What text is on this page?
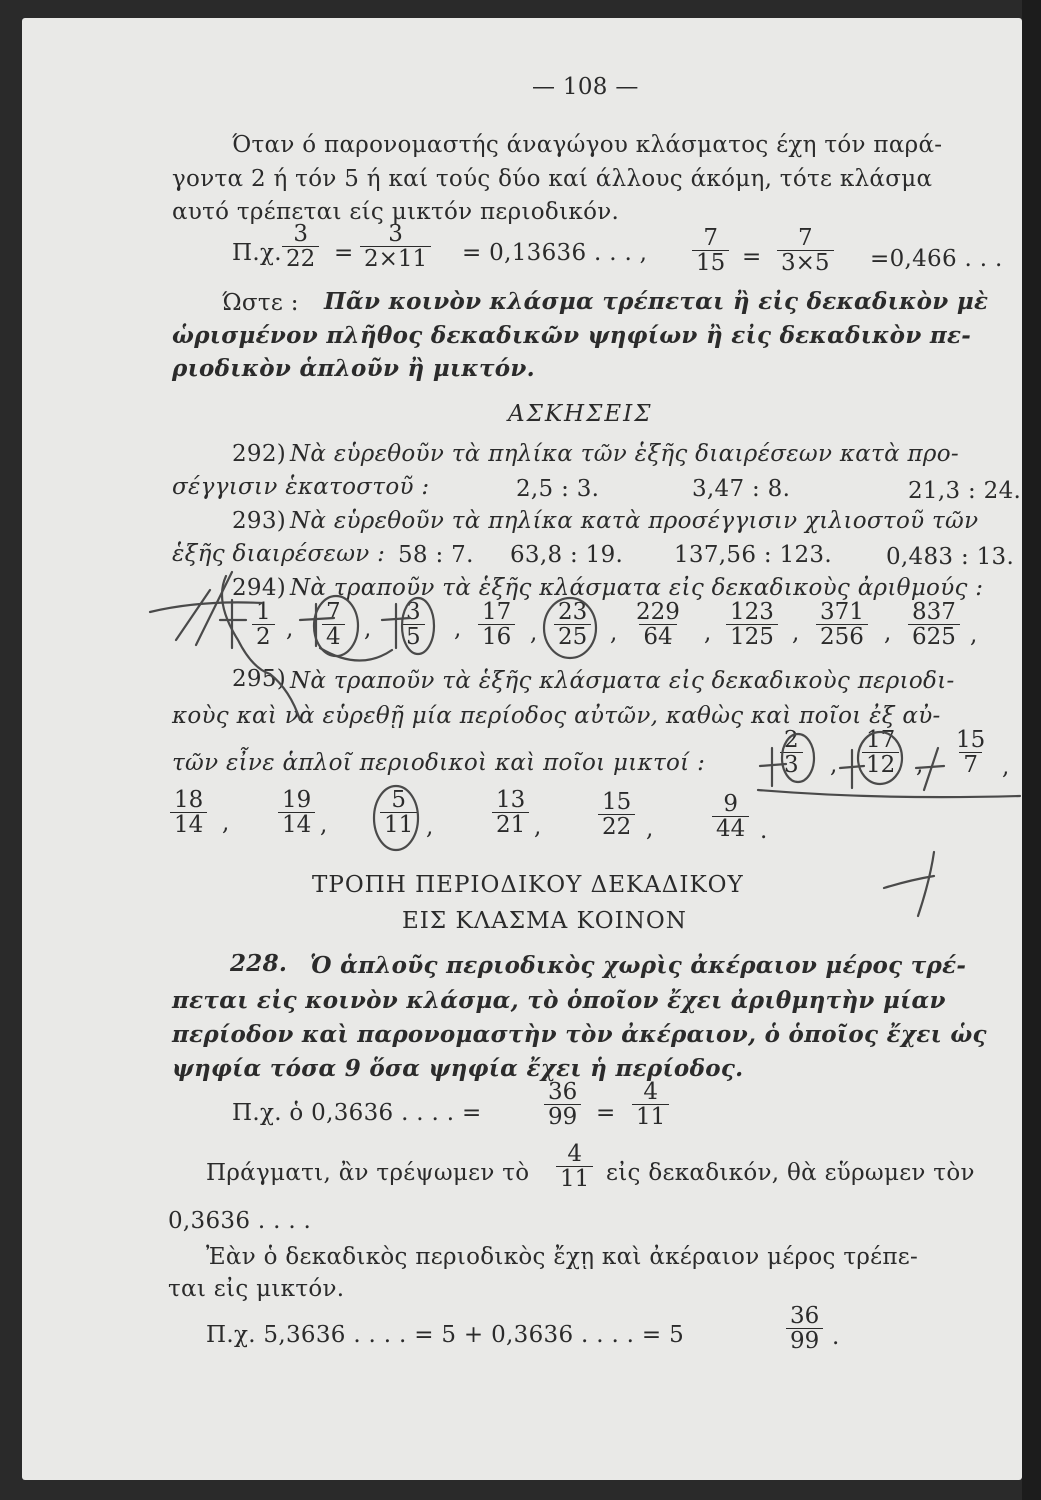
— 108 —
Όταν ό παρονομαστής άναγώγου κλάσματος έχη τόν παρά-
γοντα 2 ή τόν 5 ή καί τούς δύο καί άλλους άκόμη, τότε κλάσμα
αυτό τρέπεται είς μικτόν περιοδικόν.
Π.χ. $\frac{3}{22} = \frac{3}{2\times 11} = 0,13636$ . . . , $\frac{7}{15} = \frac{7}{3\times 5} =0,466$ . . .
Ώστε : Πᾶν κοινὸν κλάσμα τρέπεται ἢ εἰς δεκαδικὸν μὲ
ὡρισμένον πλῆθος δεκαδικῶν ψηφίων ἢ εἰς δεκαδικὸν πε-
ριοδικὸν ἁπλοῦν ἢ μικτόν.
ΑΣΚΗΣΕΙΣ
292) Νὰ εὑρεθοῦν τὰ πηλίκα τῶν ἑξῆς διαιρέσεων κατὰ προ-
σέγγισιν ἑκατοστοῦ :	2,5 : 3.	3,47 : 8.	21,3 : 24.
293) Νὰ εὑρεθοῦν τὰ πηλίκα κατὰ προσέγγισιν χιλιοστοῦ τῶν
ἑξῆς διαιρέσεων : 58 : 7. 63,8 : 19. 137,56 : 123. 0,483 : 13.
294) Νὰ τραποῦν τὰ ἑξῆς κλάσματα εἰς δεκαδικοὺς ἀριθμούς :
$\frac{1}{2} \frac{7}{4} \frac{3}{5} \frac{17}{16} \frac{23}{25} \frac{229}{64} \frac{123}{125} \frac{371}{256} \frac{837}{625}$
,	,	,	,	,	,	,	,	,
295) Νὰ τραποῦν τὰ ἑξῆς κλάσματα εἰς δεκαδικοὺς περιοδι-
κοὺς καὶ νὰ εὑρεθῇ μία περίοδος αὐτῶν, καθὼς καὶ ποῖοι ἐξ αὐ-
τῶν εἶνε ἁπλοῖ περιοδικοὶ καὶ ποῖοι μικτοί :	$\frac{2}{3}$	$\frac{17}{12} \frac{15}{7}$
,	,	,
$\frac{18}{14}$	$\frac{19}{14}$	$\frac{5}{11}$	$\frac{13}{21}$	$\frac{15}{22}$	$\frac{9}{44}$
,	,	,	,	,	.
ΤΡΟΠΗ ΠΕΡΙΟΔΙΚΟΥ ΔΕΚΑΔΙΚΟΥ
ΕΙΣ ΚΛΑΣΜΑ ΚΟΙΝΟΝ
228. Ὁ ἁπλοῦς περιοδικὸς χωρὶς ἀκέραιον μέρος τρέ-
πεται εἰς κοινὸν κλάσμα, τὸ ὁποῖον ἔχει ἀριθμητὴν μίαν
περίοδον καὶ παρονομαστὴν τὸν ἀκέραιον, ὁ ὁποῖος ἔχει ὡς
ψηφία τόσα 9 ὅσα ψηφία ἔχει ἡ περίοδος.
Π.χ. ὁ 0,3636 . . . . =	$\frac{36}{99} = \frac{4}{11}$
Πράγματι, ἂν τρέψωμεν τὸ $\frac{4}{11}$ εἰς δεκαδικόν, θὰ εὕρωμεν τὸν
0,3636 . . . .
Ἐὰν ὁ δεκαδικὸς περιοδικὸς ἔχῃ καὶ ἀκέραιον μέρος τρέπε-
ται εἰς μικτόν.
Π.χ. 5,3636 . . . . = 5 + 0,3636 . . . . = 5	$\frac{36}{99}$ .
